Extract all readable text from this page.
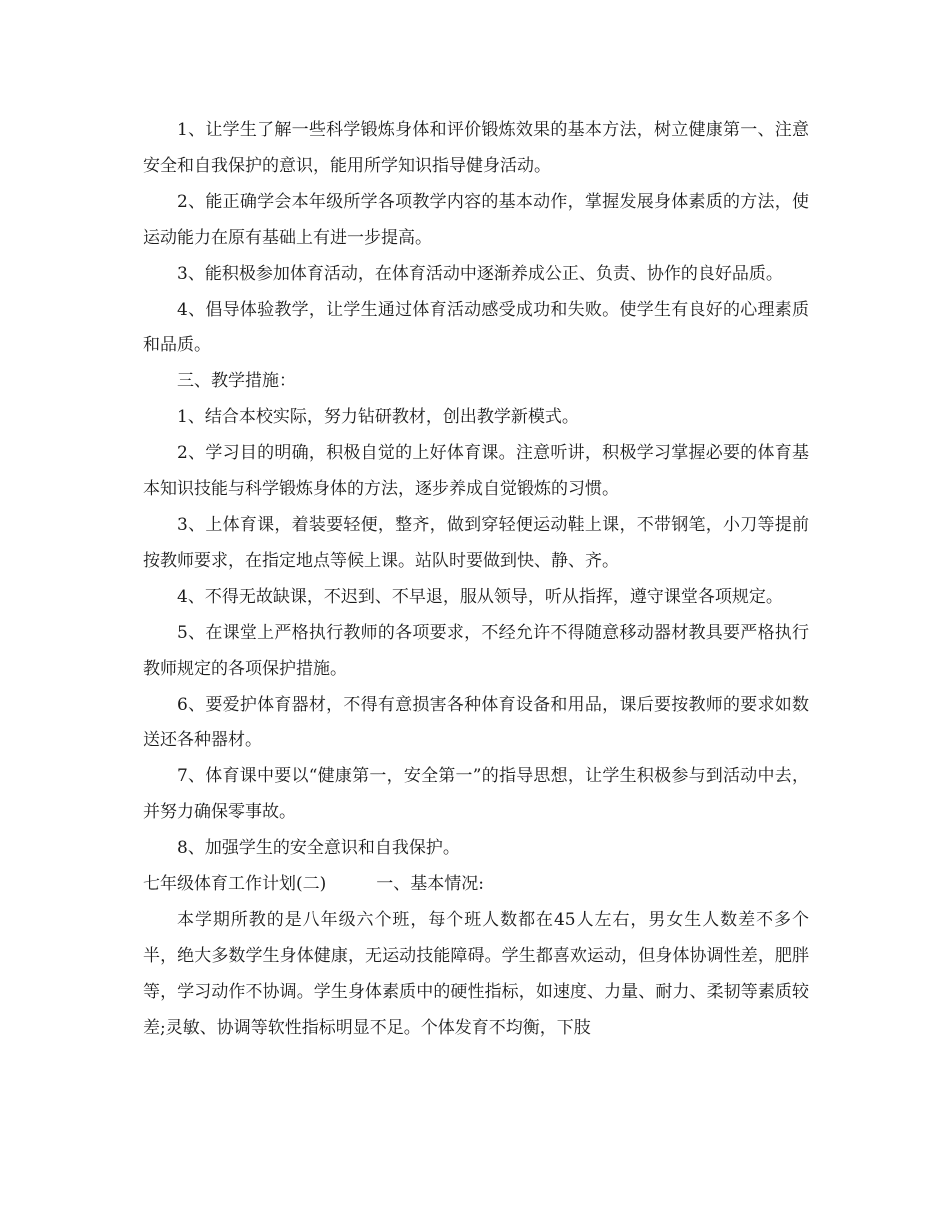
1、让学生了解一些科学锻炼身体和评价锻炼效果的基本方法，树立健康第一、注意安全和自我保护的意识，能用所学知识指导健身活动。

2、能正确学会本年级所学各项教学内容的基本动作，掌握发展身体素质的方法，使运动能力在原有基础上有进一步提高。

3、能积极参加体育活动，在体育活动中逐渐养成公正、负责、协作的良好品质。

4、倡导体验教学，让学生通过体育活动感受成功和失败。使学生有良好的心理素质和品质。

三、教学措施：

1、结合本校实际，努力钻研教材，创出教学新模式。

2、学习目的明确，积极自觉的上好体育课。注意听讲，积极学习掌握必要的体育基本知识技能与科学锻炼身体的方法，逐步养成自觉锻炼的习惯。

3、上体育课，着装要轻便，整齐，做到穿轻便运动鞋上课，不带钢笔，小刀等提前按教师要求，在指定地点等候上课。站队时要做到快、静、齐。

4、不得无故缺课，不迟到、不早退，服从领导，听从指挥，遵守课堂各项规定。

5、在课堂上严格执行教师的各项要求，不经允许不得随意移动器材教具要严格执行教师规定的各项保护措施。

6、要爱护体育器材，不得有意损害各种体育设备和用品，课后要按教师的要求如数送还各种器材。

7、体育课中要以“健康第一，安全第一”的指导思想，让学生积极参与到活动中去，并努力确保零事故。

8、加强学生的安全意识和自我保护。

七年级体育工作计划(二)	一、基本情况:

本学期所教的是八年级六个班，每个班人数都在45人左右，男女生人数差不多个半，绝大多数学生身体健康，无运动技能障碍。学生都喜欢运动，但身体协调性差，肥胖等，学习动作不协调。学生身体素质中的硬性指标，如速度、力量、耐力、柔韧等素质较差;灵敏、协调等软性指标明显不足。个体发育不均衡，下肢
